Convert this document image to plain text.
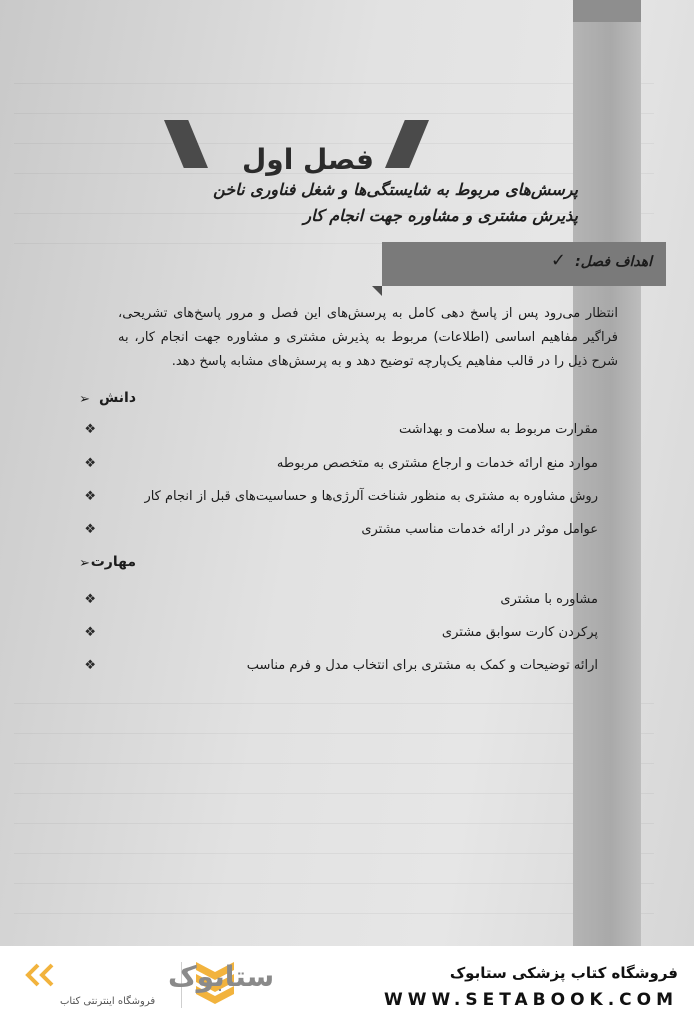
فصل اول
پرسش‌های مربوط به شایستگی‌ها و شغل فناوری ناخن
پذیرش مشتری و مشاوره جهت انجام کار
اهداف فصل:
✓
انتظار می‌رود پس از پاسخ دهی کامل به پرسش‌های این فصل و مرور پاسخ‌های تشریحی، فراگیر مفاهیم اساسی (اطلاعات) مربوط به پذیرش مشتری و مشاوره جهت انجام کار، به شرح ذیل را در قالب مفاهیم یک‌پارچه توضیح دهد و به پرسش‌های مشابه پاسخ دهد.
➢ دانش
❖	مقرارت مربوط به سلامت و بهداشت
❖	موارد منع ارائه خدمات و ارجاع مشتری به متخصص مربوطه
❖	روش مشاوره به مشتری به منظور شناخت آلرژی‌ها و حساسیت‌های قبل از انجام کار
❖	عوامل موثر در ارائه خدمات مناسب مشتری
➢ مهارت
❖	مشاوره با مشتری
❖	پرکردن کارت سوابق مشتری
❖	ارائه توضیحات و کمک به مشتری برای انتخاب مدل و فرم مناسب
فروشگاه کتاب پزشکی ستابوک
WWW.SETABOOK.COM
ستابوک
فروشگاه اینترنتی کتاب
